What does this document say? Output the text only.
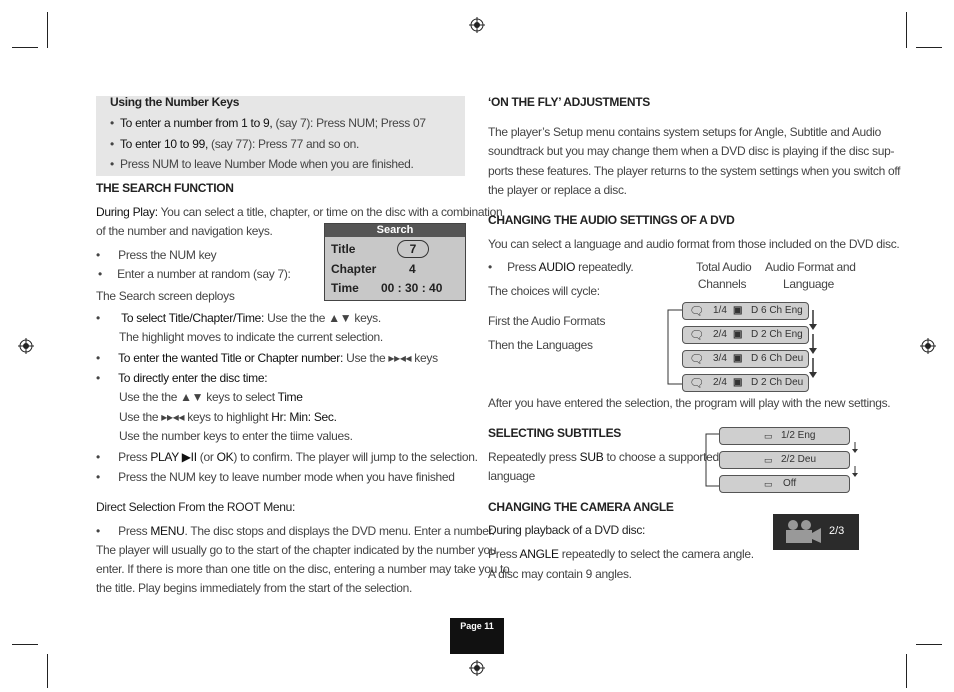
Using the Number Keys
•  To enter a number from 1 to 9, (say 7): Press NUM; Press 07
•  To enter 10 to 99, (say 77): Press 77 and so on.
•  Press NUM to leave Number Mode when you are finished.
THE SEARCH FUNCTION
During Play: You can select a title, chapter, or time on the disc with a combination
of the number and navigation keys.
•      Press the NUM key
•     Enter a number at random (say 7):
The Search screen deploys
Search
Title	7
Chapter	4
Time 00 : 30 : 40
•       To select Title/Chapter/Time: Use the the ▲▼ keys.
The highlight moves to indicate the current selection.
•      To enter the wanted Title or Chapter number: Use the ▸▸◂◂ keys
•      To directly enter the disc time:
Use the the ▲▼ keys to select Time
Use the ▸▸◂◂ keys to highlight Hr: Min: Sec.
Use the number keys to enter the tiime values.
•      Press PLAY ▶II (or OK) to confirm. The player will jump to the selection.
•      Press the NUM key to leave number mode when you have finished
Direct Selection From the ROOT Menu:
•      Press MENU. The disc stops and displays the DVD menu. Enter a number.
The player will usually go to the start of the chapter indicated by the number you
enter. If there is more than one title on the disc, entering a number may take you to
the title. Play begins immediately from the start of the selection.
‘ON THE FLY’ ADJUSTMENTS
The player’s Setup menu contains system setups for Angle, Subtitle and Audio
soundtrack but you may change them when a DVD disc is playing if the disc sup-
ports these features. The player returns to the system settings when you switch off
the player or replace a disc.
CHANGING THE AUDIO SETTINGS OF A DVD
You can select a language and audio format from those included on the DVD disc.
•     Press AUDIO repeatedly.
The choices will cycle:
First the Audio Formats
Then the Languages
Total Audio
Channels
Audio Format and
Language
🗨 1/4 ▣ D 6 Ch Eng
🗨 2/4 ▣ D 2 Ch Eng
🗨 3/4 ▣ D 6 Ch Deu
🗨 2/4 ▣ D 2 Ch Deu
After you have entered the selection, the program will play with the new settings.
SELECTING SUBTITLES
Repeatedly press SUB to choose a supported
language
▭ 1/2 Eng
▭ 2/2 Deu
▭ Off
CHANGING THE CAMERA ANGLE
During playback of a DVD disc:
Press ANGLE repeatedly to select the camera angle.
A disc may contain 9 angles.
2/3
Page 11
